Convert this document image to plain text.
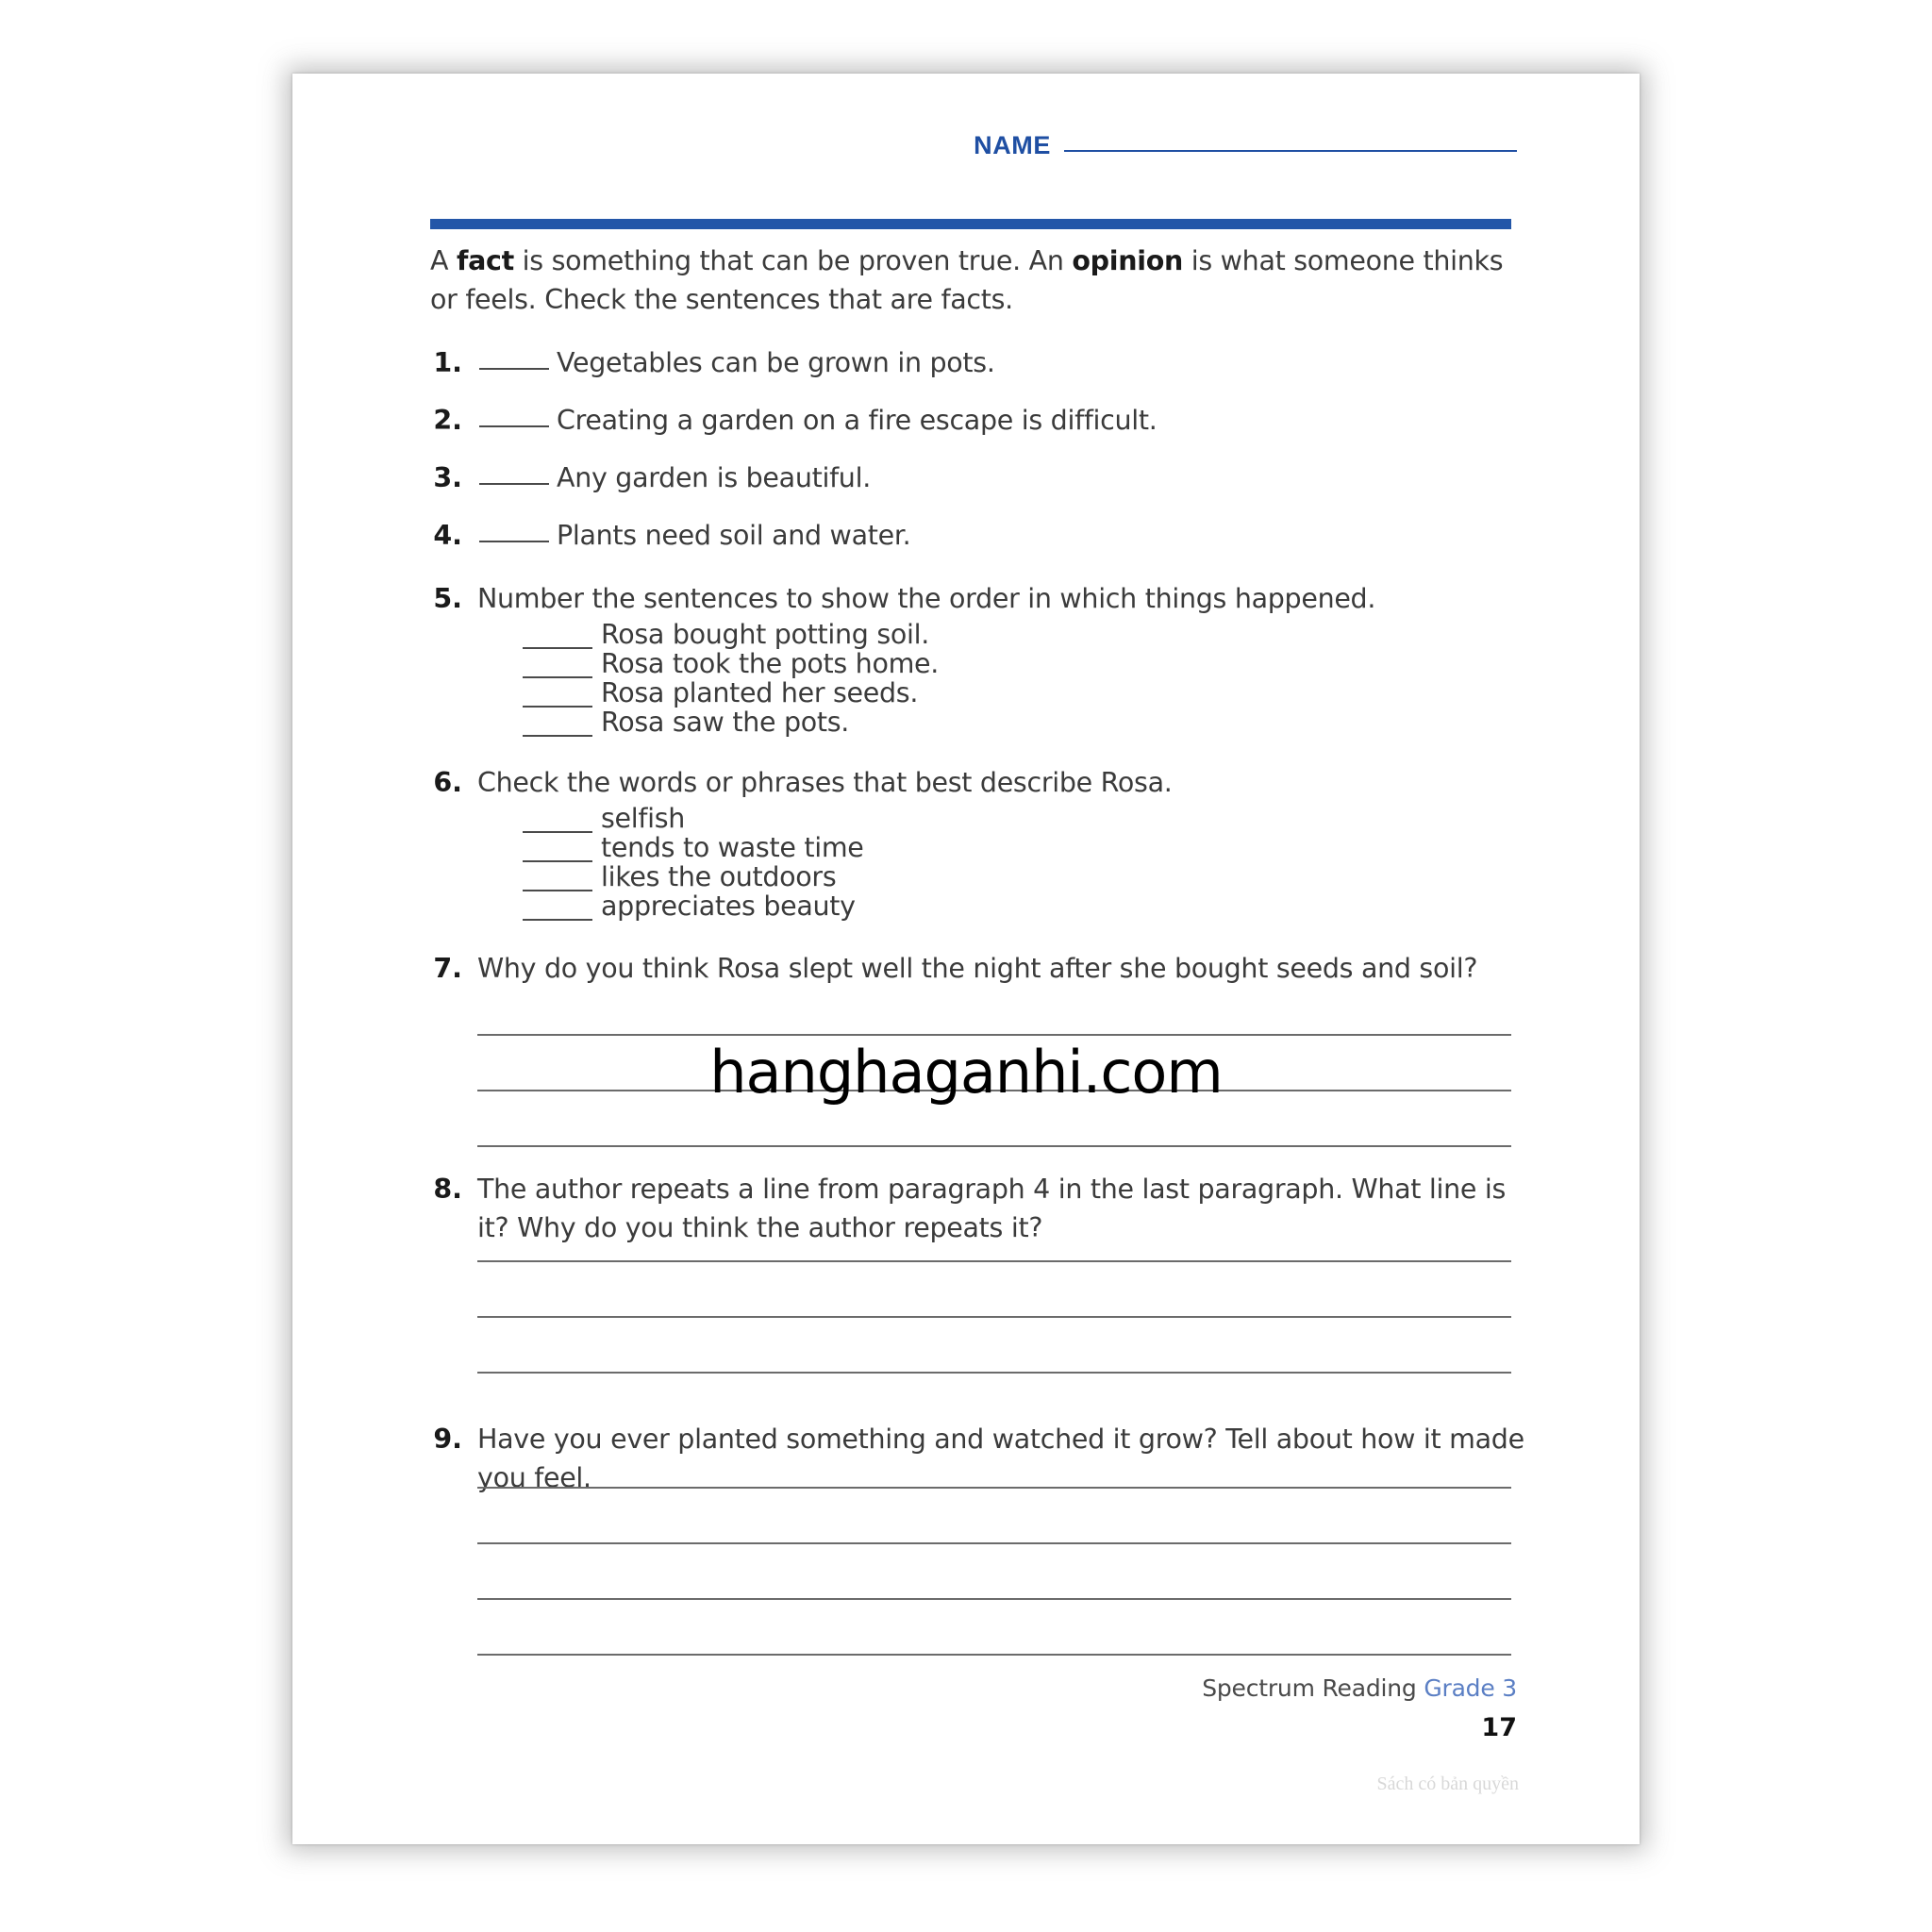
NAME

A fact is something that can be proven true. An opinion is what someone thinks or feels. Check the sentences that are facts.

1.	Vegetables can be grown in pots.
2.	Creating a garden on a fire escape is difficult.
3.	Any garden is beautiful.
4.	Plants need soil and water.
5. Number the sentences to show the order in which things happened.
Rosa bought potting soil.
Rosa took the pots home.
Rosa planted her seeds.
Rosa saw the pots.
6. Check the words or phrases that best describe Rosa.
selfish
tends to waste time
likes the outdoors
appreciates beauty
7. Why do you think Rosa slept well the night after she bought seeds and soil?
8. The author repeats a line from paragraph 4 in the last paragraph. What line is it? Why do you think the author repeats it?
9. Have you ever planted something and watched it grow? Tell about how it made you feel.
Spectrum Reading Grade 3
17
Sách có bản quyền
hanghaganhi.com
